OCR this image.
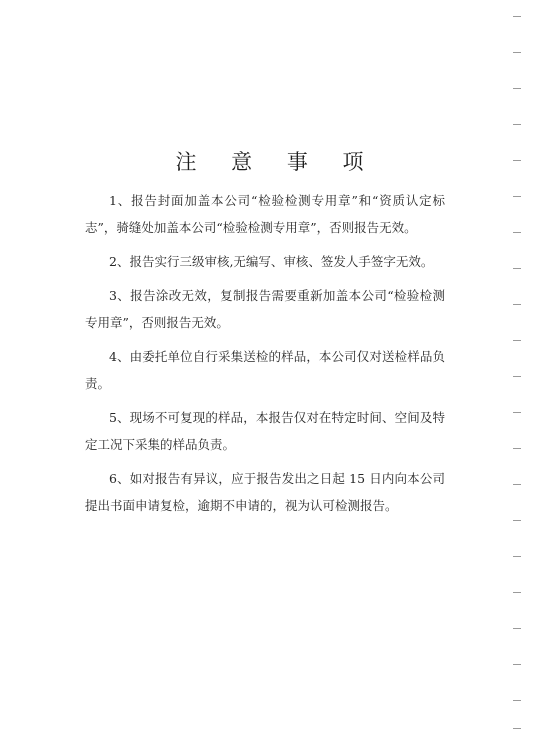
注 意 事 项

1、报告封面加盖本公司“检验检测专用章”和“资质认定标志”，骑缝处加盖本公司“检验检测专用章”，否则报告无效。

2、报告实行三级审核,无编写、审核、签发人手签字无效。

3、报告涂改无效，复制报告需要重新加盖本公司“检验检测专用章”，否则报告无效。

4、由委托单位自行采集送检的样品，本公司仅对送检样品负责。

5、现场不可复现的样品，本报告仅对在特定时间、空间及特定工况下采集的样品负责。

6、如对报告有异议，应于报告发出之日起 15 日内向本公司提出书面申请复检，逾期不申请的，视为认可检测报告。
